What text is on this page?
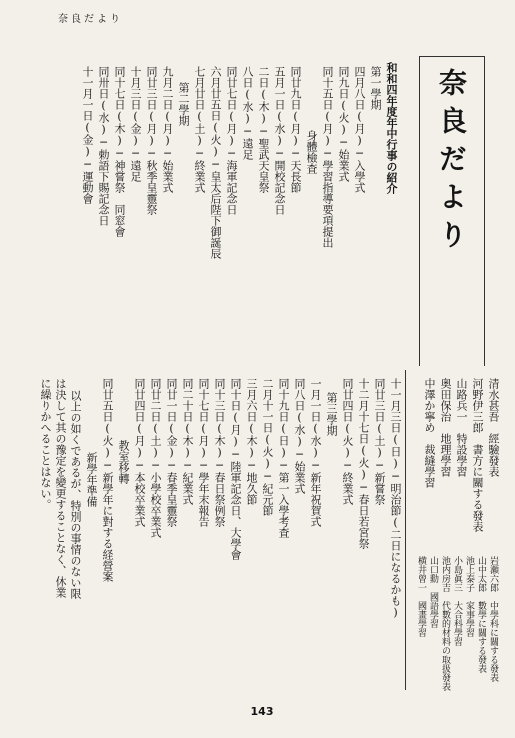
奈良だより
奈良だより
和和四年度年中行事の紹介
第一學期
四月八日(月)─入學式
同九日(火)─始業式
同十五日(月)─學習指導要項提出
身體檢査
同廿九日(月)─天長節
五月一日(水)─開校記念日
二日(木)─聖武天皇祭
八日(水)─遠足
同廿七日(月)─海軍記念日
六月廿五日(火)─皇太后陛下御誕辰
七月廿日(土)─終業式
第二學期
九月二日(月)─始業式
同廿三日(月)─秋季皇靈祭
十月三日(金)─遠足
同十七日(木)─神嘗祭　同窓會
同卅日(水)─勅語下賜記念日
十一月一日(金)─運動會
十一月三日(日)─明治節(二日になるかも)
同廿三日(土)─新嘗祭
十二月十七日(火)─春日若宮祭
同廿四日(火)─終業式
第三學期
一月一日(水)─新年祝賀式
同八日(水)─始業式
同十九日(日)─第一入學考査
二月十一日(火)─紀元節
三月六日(木)─地久節
同十日(月)─陸軍記念日、大學會
同十三日(木)─春日祭例祭
同十七日(月)─學年末報告
同二十日(木)─紀業式
同廿一日(金)─春季皇靈祭
同廿二日(土)─小學校卒業式
同廿四日(月)─本校卒業式
教室移轉
同廿五日(火)─新學年に對する経營案
新學年準備
以上の如くであるが、特別の事情のない限
は決して其の豫定を變更することなく、休業
に繰りかへることはない。	清水甚吾　經驗發表
河野伊三郎　書方に關する發表
山路兵一　特設學習
奥田保治　地理學習
中澤か寧め　裁縫學習
岩瀬六郎　中學科に關する發表
山中太郎　數學に關する發表
池上泰子　家事學習
小島眞三　大合科學習
池内房吉　代數的材料の取扱發表
山口勳　國語學習
横井曾一　國畫學習
143
